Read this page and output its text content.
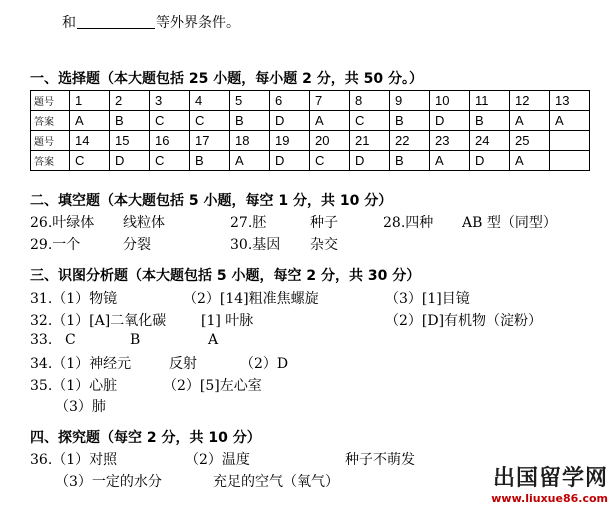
和	等外界条件。
一、选择题（本大题包括 25 小题，每小题 2 分，共 50 分。）
题号	1	2	3	4	5	6	7	8	9	10	11	12	13
答案	A	B	C	C	B	D	A	C	B	D	B	A	A
题号	14	15	16	17	18	19	20	21	22	23	24	25	
答案	C	D	C	B	A	D	C	D	B	A	D	A	
二、填空题（本大题包括 5 小题，每空 1 分，共 10 分）
26.叶绿体 线粒体	27.胚	种子	28.四种 AB 型（同型）
29.一个	分裂	30.基因 杂交
三、识图分析题（本大题包括 5 小题，每空 2 分，共 30 分）
31.（1）物镜	（2）[14]粗准焦螺旋	（3）[1]目镜
32.（1）[A]二氧化碳 [1] 叶脉	（2）[D]有机物（淀粉）
33. C	B	A
34.（1）神经元	反射	（2）D
35.（1）心脏	（2）[5]左心室
（3）肺
四、探究题（每空 2 分，共 10 分）
36.（1）对照	（2）温度	种子不萌发
（3）一定的水分	充足的空气（氧气）	出国留学网
www.liuxue86.com
